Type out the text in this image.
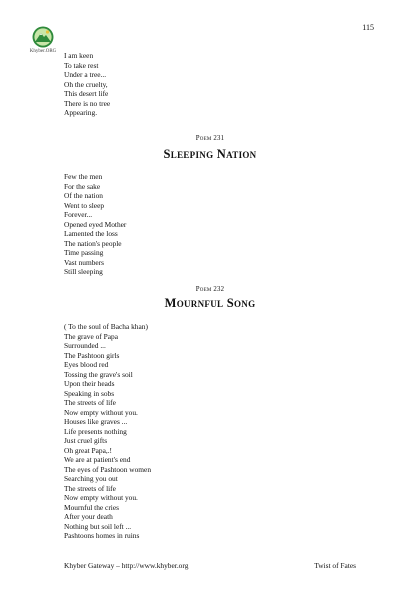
115
Khyber.ORG	I am keen
To take rest
Under a tree...
Oh the cruelty,
This desert life
There is no tree
Appearing.
Poem 231
Sleeping Nation
Few the men
For the sake
Of the nation
Went to sleep
Forever...
Opened eyed Mother
Lamented the loss
The nation's people
Time passing
Vast numbers
Still sleeping
Poem 232
Mournful Song
( To the soul of Bacha khan)
The grave of Papa
Surrounded ...
The Pashtoon girls
Eyes blood red
Tossing the grave's soil
Upon their heads
Speaking in sobs
The streets of life
Now empty without you.
Houses like graves ...
Life presents nothing
Just cruel gifts
Oh great Papa,.!
We are at patient's end
The eyes of Pashtoon women
Searching you out
The streets of life
Now empty without you.
Mournful the cries
After your death
Nothing but soil left ...
Pashtoons homes in ruins
Khyber Gateway – http://www.khyber.org	Twist of Fates
